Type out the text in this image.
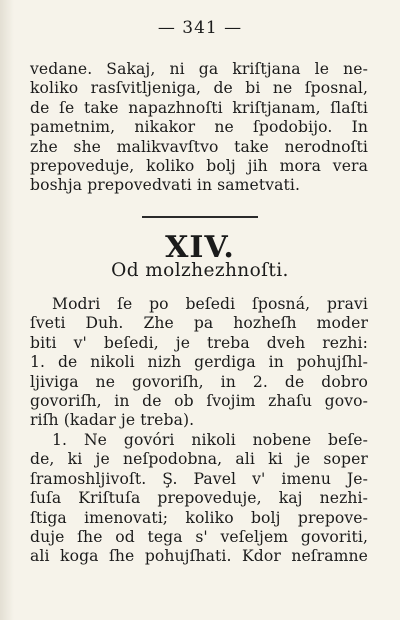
— 341 —
vedane. Sakaj, ni ga kriſtjana le ne-
koliko rasſvitljeniga, de bi ne ſposnal,
de ſe take napazhnoſti kriſtjanam, ſlaſti
pametnim, nikakor ne ſpodobijo. In
zhe she malikvavſtvo take nerodnoſti
prepoveduje, koliko bolj jih mora vera
boshja prepovedvati in sametvati.
XIV.
Od molzhezhnoſti.
Modri ſe po beſedi ſposná, pravi
ſveti Duh. Zhe pa hozheſh moder
biti v' beſedi, je treba dveh rezhi:
1. de nikoli nizh gerdiga in pohujſhl-
ljiviga ne govoriſh, in 2. de dobro
govoriſh, in de ob ſvojim zhaſu govo-
riſh (kadar je treba).
1. Ne govóri nikoli nobene beſe-
de, ki je neſpodobna, ali ki je soper
ſramoshljivoſt. Ş. Pavel v' imenu Je-
ſuſa Kriſtuſa prepoveduje, kaj nezhi-
ſtiga imenovati; koliko bolj prepove-
duje ſhe od tega s' veſeljem govoriti,
ali koga ſhe pohujſhati. Kdor neſramne
